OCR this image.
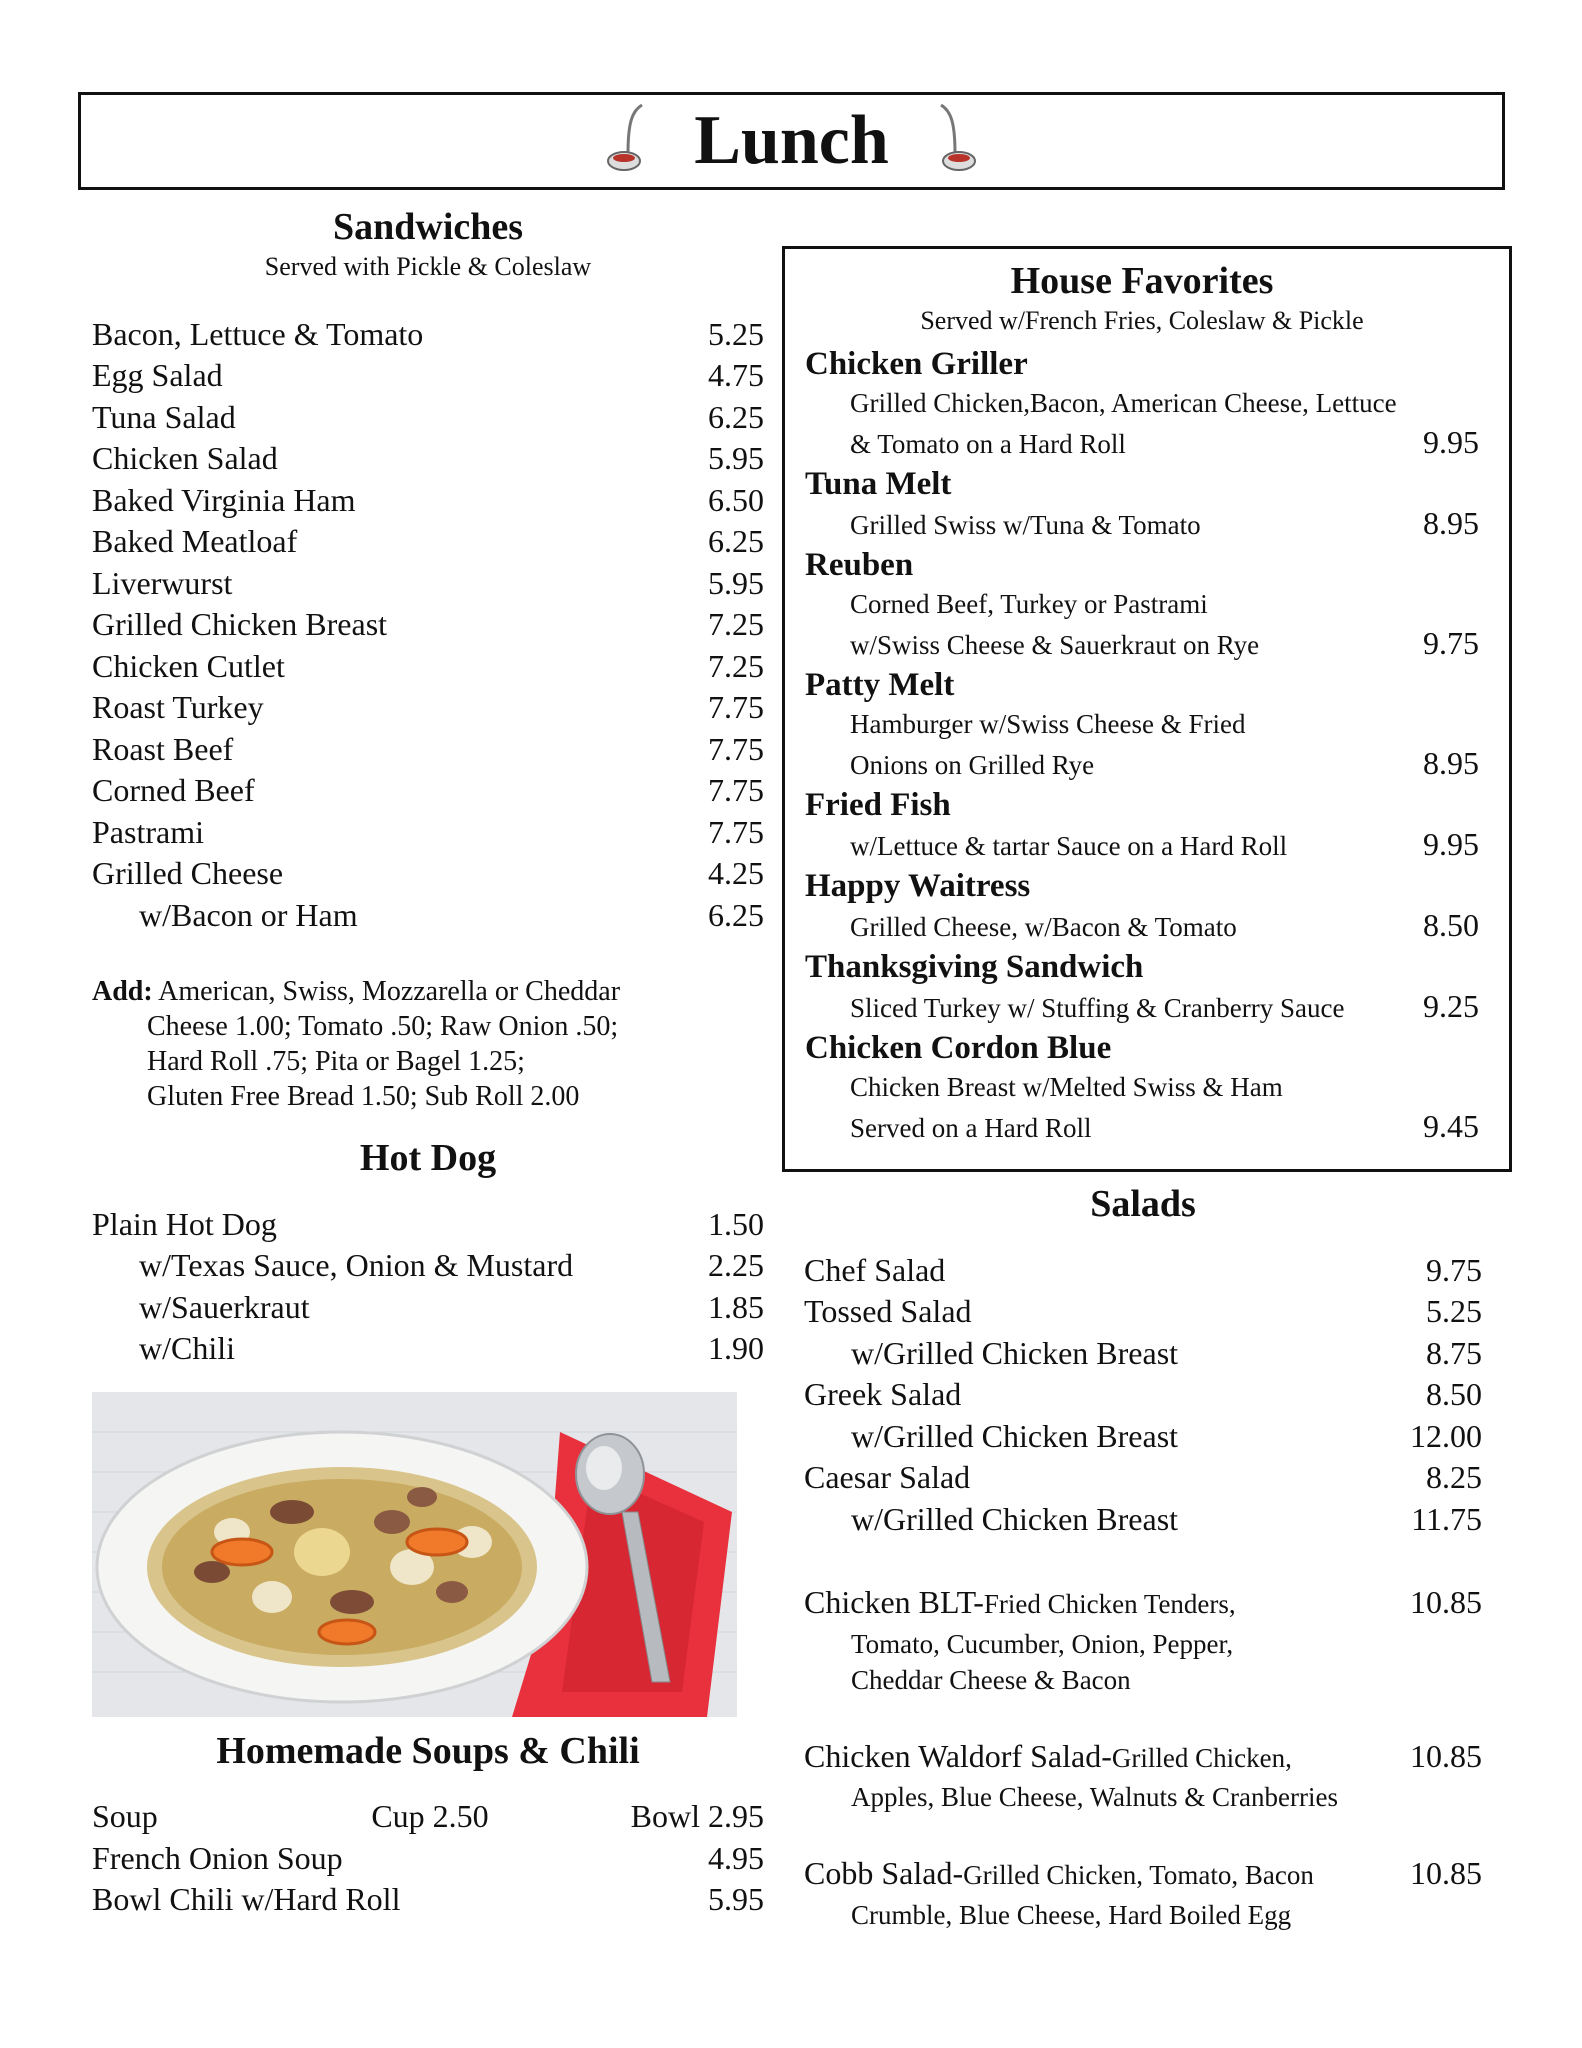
Lunch
Sandwiches
Served with Pickle & Coleslaw
Bacon, Lettuce & Tomato	5.25
Egg Salad	4.75
Tuna Salad	6.25
Chicken Salad	5.95
Baked Virginia Ham	6.50
Baked Meatloaf	6.25
Liverwurst	5.95
Grilled Chicken Breast	7.25
Chicken Cutlet	7.25
Roast Turkey	7.75
Roast Beef	7.75
Corned Beef	7.75
Pastrami	7.75
Grilled Cheese	4.25
w/Bacon or Ham	6.25
Add: American, Swiss, Mozzarella or Cheddar
Cheese 1.00; Tomato .50; Raw Onion .50;
Hard Roll .75; Pita or Bagel 1.25;
Gluten Free Bread 1.50; Sub Roll 2.00
Hot Dog
Plain Hot Dog	1.50
w/Texas Sauce, Onion & Mustard	2.25
w/Sauerkraut	1.85
w/Chili	1.90
Homemade Soups & Chili
Soup	Cup 2.50	Bowl 2.95
French Onion Soup	4.95
Bowl Chili w/Hard Roll	5.95
House Favorites
Served w/French Fries, Coleslaw & Pickle
Chicken Griller
Grilled Chicken,Bacon, American Cheese, Lettuce
& Tomato on a Hard Roll	9.95
Tuna Melt
Grilled Swiss w/Tuna & Tomato	8.95
Reuben
Corned Beef, Turkey or Pastrami
w/Swiss Cheese & Sauerkraut on Rye	9.75
Patty Melt
Hamburger w/Swiss Cheese & Fried
Onions on Grilled Rye	8.95
Fried Fish
w/Lettuce & tartar Sauce on a Hard Roll	9.95
Happy Waitress
Grilled Cheese, w/Bacon & Tomato	8.50
Thanksgiving Sandwich
Sliced Turkey w/ Stuffing & Cranberry Sauce 9.25
Chicken Cordon Blue
Chicken Breast w/Melted Swiss & Ham
Served on a Hard Roll	9.45
Salads
Chef Salad	9.75
Tossed Salad	5.25
w/Grilled Chicken Breast	8.75
Greek Salad	8.50
w/Grilled Chicken Breast	12.00
Caesar Salad	8.25
w/Grilled Chicken Breast	11.75
Chicken BLT-Fried Chicken Tenders,	10.85
Tomato, Cucumber, Onion, Pepper,
Cheddar Cheese & Bacon
Chicken Waldorf Salad-Grilled Chicken,	10.85
Apples, Blue Cheese, Walnuts & Cranberries
Cobb Salad-Grilled Chicken, Tomato, Bacon	10.85
Crumble, Blue Cheese, Hard Boiled Egg
